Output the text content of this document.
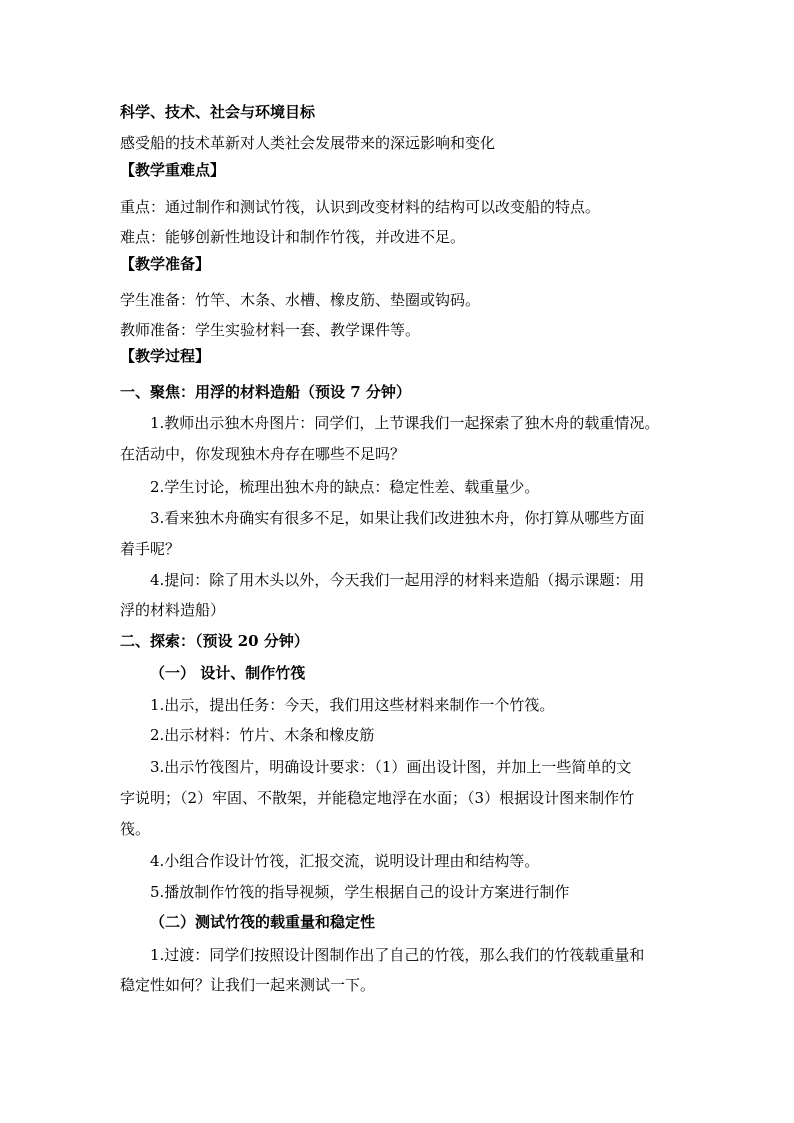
科学、技术、社会与环境目标
感受船的技术革新对人类社会发展带来的深远影响和变化
【教学重难点】
重点：通过制作和测试竹筏，认识到改变材料的结构可以改变船的特点。
难点：能够创新性地设计和制作竹筏，并改进不足。
【教学准备】
学生准备：竹竿、木条、水槽、橡皮筋、垫圈或钩码。
教师准备：学生实验材料一套、教学课件等。
【教学过程】
一、聚焦：用浮的材料造船（预设 7 分钟）
1.教师出示独木舟图片：同学们，上节课我们一起探索了独木舟的载重情况。
在活动中，你发现独木舟存在哪些不足吗？
2.学生讨论，梳理出独木舟的缺点：稳定性差、载重量少。
3.看来独木舟确实有很多不足，如果让我们改进独木舟，你打算从哪些方面
着手呢？
4.提问：除了用木头以外，今天我们一起用浮的材料来造船（揭示课题：用
浮的材料造船）
二、探索：（预设 20 分钟）
（一） 设计、制作竹筏
1.出示，提出任务：今天，我们用这些材料来制作一个竹筏。
2.出示材料：竹片、木条和橡皮筋
3.出示竹筏图片，明确设计要求：（1）画出设计图，并加上一些简单的文
字说明；（2）牢固、不散架，并能稳定地浮在水面；（3）根据设计图来制作竹
筏。
4.小组合作设计竹筏，汇报交流，说明设计理由和结构等。
5.播放制作竹筏的指导视频，学生根据自己的设计方案进行制作
（二）测试竹筏的载重量和稳定性
1.过渡：同学们按照设计图制作出了自己的竹筏，那么我们的竹筏载重量和
稳定性如何？让我们一起来测试一下。
